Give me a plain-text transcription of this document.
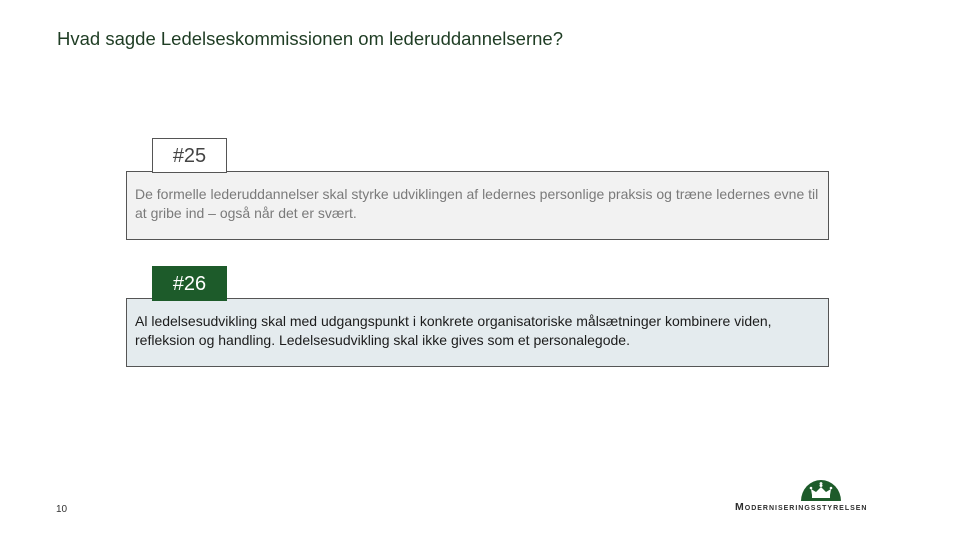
Hvad sagde Ledelseskommissionen om lederuddannelserne?
De formelle lederuddannelser skal styrke udviklingen af ledernes personlige praksis og træne ledernes evne til at gribe ind – også når det er svært.
#25
Al ledelsesudvikling skal med udgangspunkt i konkrete organisatoriske målsætninger kombinere viden, refleksion og handling. Ledelsesudvikling skal ikke gives som et personalegode.
#26
10	Moderniseringsstyrelsen
